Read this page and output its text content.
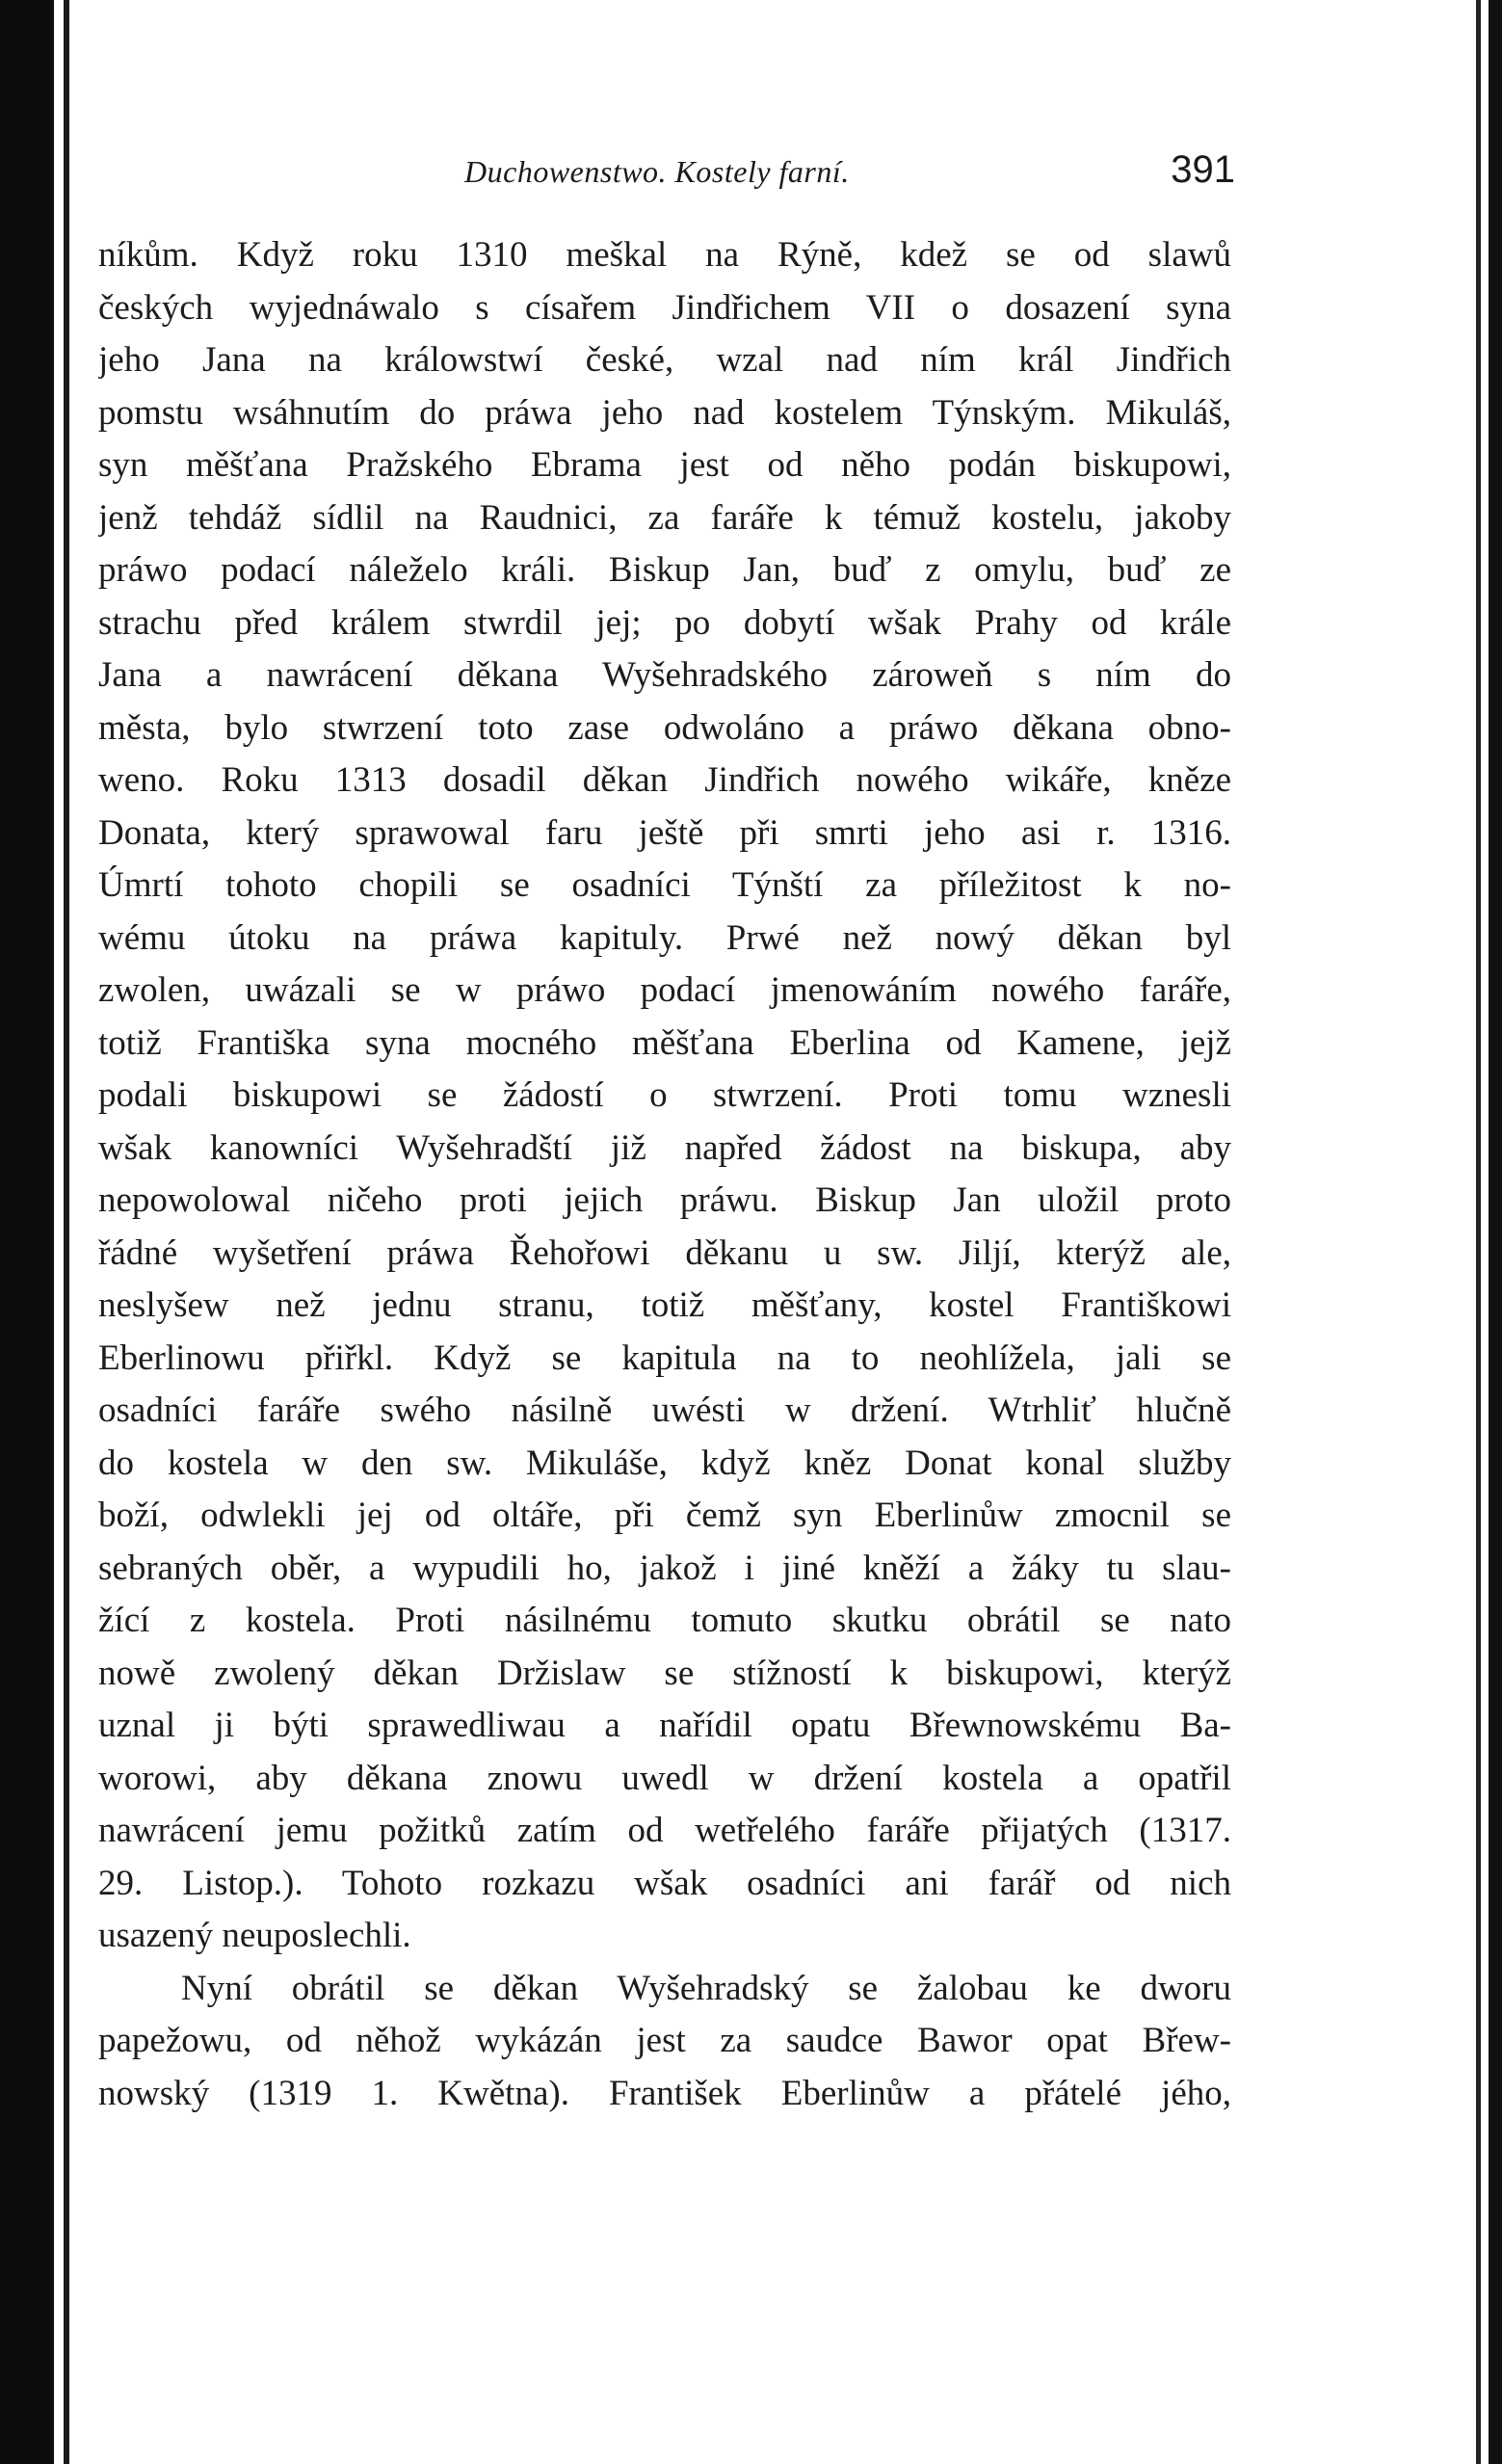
Duchowenstwo. Kostely farní.	391
níkům. Když roku 1310 meškal na Rýně, kdež se od slawů
českých wyjednáwalo s císařem Jindřichem VII o dosazení syna
jeho Jana na králowstwí české, wzal nad ním král Jindřich
pomstu wsáhnutím do práwa jeho nad kostelem Týnským. Mikuláš,
syn měšťana Pražského Ebrama jest od něho podán biskupowi,
jenž tehdáž sídlil na Raudnici, za faráře k témuž kostelu, jakoby
práwo podací náleželo králi. Biskup Jan, buď z omylu, buď ze
strachu před králem stwrdil jej; po dobytí wšak Prahy od krále
Jana a nawrácení děkana Wyšehradského zároweň s ním do
města, bylo stwrzení toto zase odwoláno a práwo děkana obno-
weno. Roku 1313 dosadil děkan Jindřich nowého wikáře, kněze
Donata, který sprawowal faru ještě při smrti jeho asi r. 1316.
Úmrtí tohoto chopili se osadníci Týnští za příležitost k no-
wému útoku na práwa kapituly. Prwé než nowý děkan byl
zwolen, uwázali se w práwo podací jmenowáním nowého faráře,
totiž Františka syna mocného měšťana Eberlina od Kamene, jejž
podali biskupowi se žádostí o stwrzení. Proti tomu wznesli
wšak kanowníci Wyšehradští již napřed žádost na biskupa, aby
nepowolowal ničeho proti jejich práwu. Biskup Jan uložil proto
řádné wyšetření práwa Řehořowi děkanu u sw. Jiljí, kterýž ale,
neslyšew než jednu stranu, totiž měšťany, kostel Františkowi
Eberlinowu přiřkl. Když se kapitula na to neohlížela, jali se
osadníci faráře swého násilně uwésti w držení. Wtrhliť hlučně
do kostela w den sw. Mikuláše, když kněz Donat konal služby
boží, odwlekli jej od oltáře, při čemž syn Eberlinůw zmocnil se
sebraných oběr, a wypudili ho, jakož i jiné kněží a žáky tu slau-
žící z kostela. Proti násilnému tomuto skutku obrátil se nato
nowě zwolený děkan Držislaw se stížností k biskupowi, kterýž
uznal ji býti sprawedliwau a nařídil opatu Břewnowskému Ba-
worowi, aby děkana znowu uwedl w držení kostela a opatřil
nawrácení jemu požitků zatím od wetřelého faráře přijatých (1317.
29. Listop.). Tohoto rozkazu wšak osadníci ani farář od nich
usazený neuposlechli.
Nyní obrátil se děkan Wyšehradský se žalobau ke dworu
papežowu, od něhož wykázán jest za saudce Bawor opat Břew-
nowský (1319 1. Kwětna). František Eberlinůw a přátelé jého,
